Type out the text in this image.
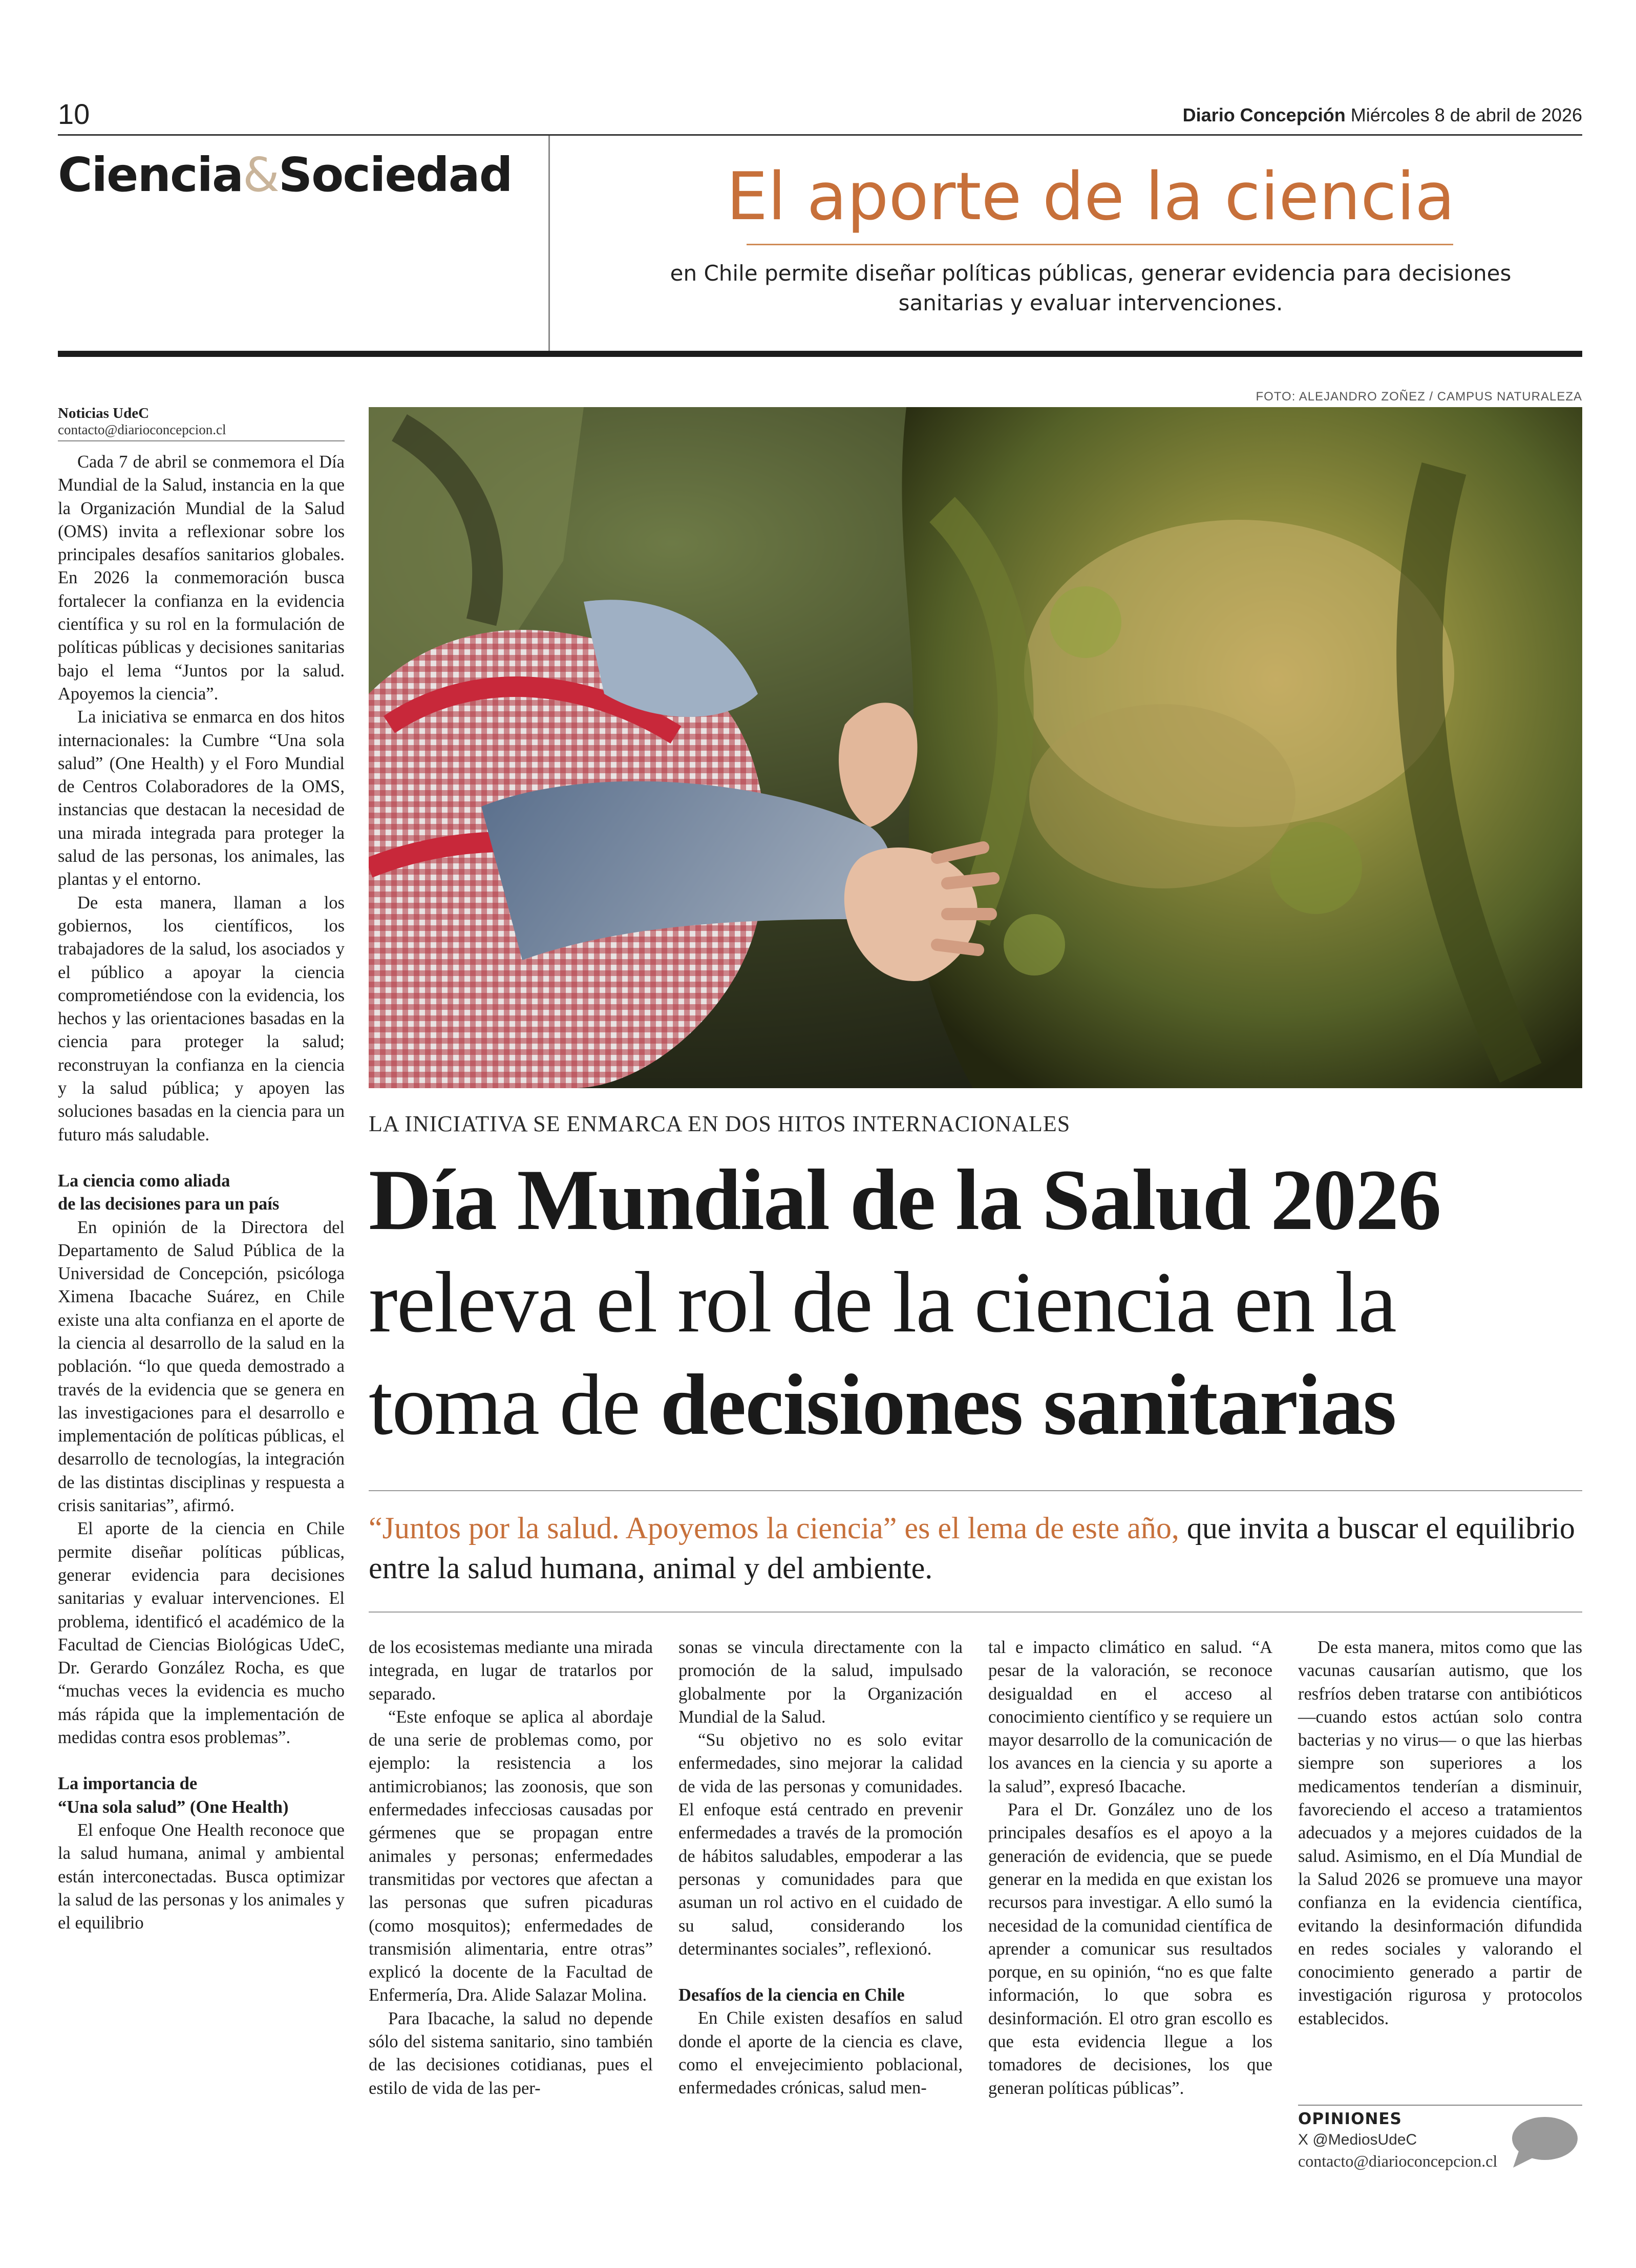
10	Diario Concepción Miércoles 8 de abril de 2026
Ciencia&Sociedad	El aporte de la ciencia
en Chile permite diseñar políticas públicas, generar evidencia para decisiones sanitarias y evaluar intervenciones.
Noticias UdeC
contacto@diarioconcepcion.cl

Cada 7 de abril se conmemora el Día Mundial de la Salud, instancia en la que la Organización Mundial de la Salud (OMS) invita a reflexionar sobre los principales desafíos sanitarios globales. En 2026 la conmemoración busca fortalecer la confianza en la evidencia científica y su rol en la formulación de políticas públicas y decisiones sanitarias bajo el lema “Juntos por la salud. Apoyemos la ciencia”.

La iniciativa se enmarca en dos hitos internacionales: la Cumbre “Una sola salud” (One Health) y el Foro Mundial de Centros Colaboradores de la OMS, instancias que destacan la necesidad de una mirada integrada para proteger la salud de las personas, los animales, las plantas y el entorno.

De esta manera, llaman a los gobiernos, los científicos, los trabajadores de la salud, los asociados y el público a apoyar la ciencia comprometiéndose con la evidencia, los hechos y las orientaciones basadas en la ciencia para proteger la salud; reconstruyan la confianza en la ciencia y la salud pública; y apoyen las soluciones basadas en la ciencia para un futuro más saludable.

La ciencia como aliada
de las decisiones para un país

En opinión de la Directora del Departamento de Salud Pública de la Universidad de Concepción, psicóloga Ximena Ibacache Suárez, en Chile existe una alta confianza en el aporte de la ciencia al desarrollo de la salud en la población. “lo que queda demostrado a través de la evidencia que se genera en las investigaciones para el desarrollo e implementación de políticas públicas, el desarrollo de tecnologías, la integración de las distintas disciplinas y respuesta a crisis sanitarias”, afirmó.

El aporte de la ciencia en Chile permite diseñar políticas públicas, generar evidencia para decisiones sanitarias y evaluar intervenciones. El problema, identificó el académico de la Facultad de Ciencias Biológicas UdeC, Dr. Gerardo González Rocha, es que “muchas veces la evidencia es mucho más rápida que la implementación de medidas contra esos problemas”.

La importancia de
“Una sola salud” (One Health)

El enfoque One Health reconoce que la salud humana, animal y ambiental están interconectadas. Busca optimizar la salud de las personas y los animales y el equilibrio

FOTO: ALEJANDRO ZOÑEZ / CAMPUS NATURALEZA
LA INICIATIVA SE ENMARCA EN DOS HITOS INTERNACIONALES
Día Mundial de la Salud 2026
releva el rol de la ciencia en la
toma de decisiones sanitarias
“Juntos por la salud. Apoyemos la ciencia” es el lema de este año, que invita a buscar el equilibrio entre la salud humana, animal y del ambiente.

de los ecosistemas mediante una mirada integrada, en lugar de tratarlos por separado.

“Este enfoque se aplica al abordaje de una serie de problemas como, por ejemplo: la resistencia a los antimicrobianos; las zoonosis, que son enfermedades infecciosas causadas por gérmenes que se propagan entre animales y personas; enfermedades transmitidas por vectores que afectan a las personas que sufren picaduras (como mosquitos); enfermedades de transmisión alimentaria, entre otras” explicó la docente de la Facultad de Enfermería, Dra. Alide Salazar Molina.

Para Ibacache, la salud no depende sólo del sistema sanitario, sino también de las decisiones cotidianas, pues el estilo de vida de las per-

sonas se vincula directamente con la promoción de la salud, impulsado globalmente por la Organización Mundial de la Salud.

“Su objetivo no es solo evitar enfermedades, sino mejorar la calidad de vida de las personas y comunidades. El enfoque está centrado en prevenir enfermedades a través de la promoción de hábitos saludables, empoderar a las personas y comunidades para que asuman un rol activo en el cuidado de su salud, considerando los determinantes sociales”, reflexionó.

Desafíos de la ciencia en Chile

En Chile existen desafíos en salud donde el aporte de la ciencia es clave, como el envejecimiento poblacional, enfermedades crónicas, salud men-

tal e impacto climático en salud. “A pesar de la valoración, se reconoce desigualdad en el acceso al conocimiento científico y se requiere un mayor desarrollo de la comunicación de los avances en la ciencia y su aporte a la salud”, expresó Ibacache.

Para el Dr. González uno de los principales desafíos es el apoyo a la generación de evidencia, que se puede generar en la medida en que existan los recursos para investigar. A ello sumó la necesidad de la comunidad científica de aprender a comunicar sus resultados porque, en su opinión, “no es que falte información, lo que sobra es desinformación. El otro gran escollo es que esta evidencia llegue a los tomadores de decisiones, los que generan políticas públicas”.

De esta manera, mitos como que las vacunas causarían autismo, que los resfríos deben tratarse con antibióticos —cuando estos actúan solo contra bacterias y no virus— o que las hierbas siempre son superiores a los medicamentos tenderían a disminuir, favoreciendo el acceso a tratamientos adecuados y a mejores cuidados de la salud. Asimismo, en el Día Mundial de la Salud 2026 se promueve una mayor confianza en la evidencia científica, evitando la desinformación difundida en redes sociales y valorando el conocimiento generado a partir de investigación rigurosa y protocolos establecidos.

OPINIONES
X @MediosUdeC
contacto@diarioconcepcion.cl
